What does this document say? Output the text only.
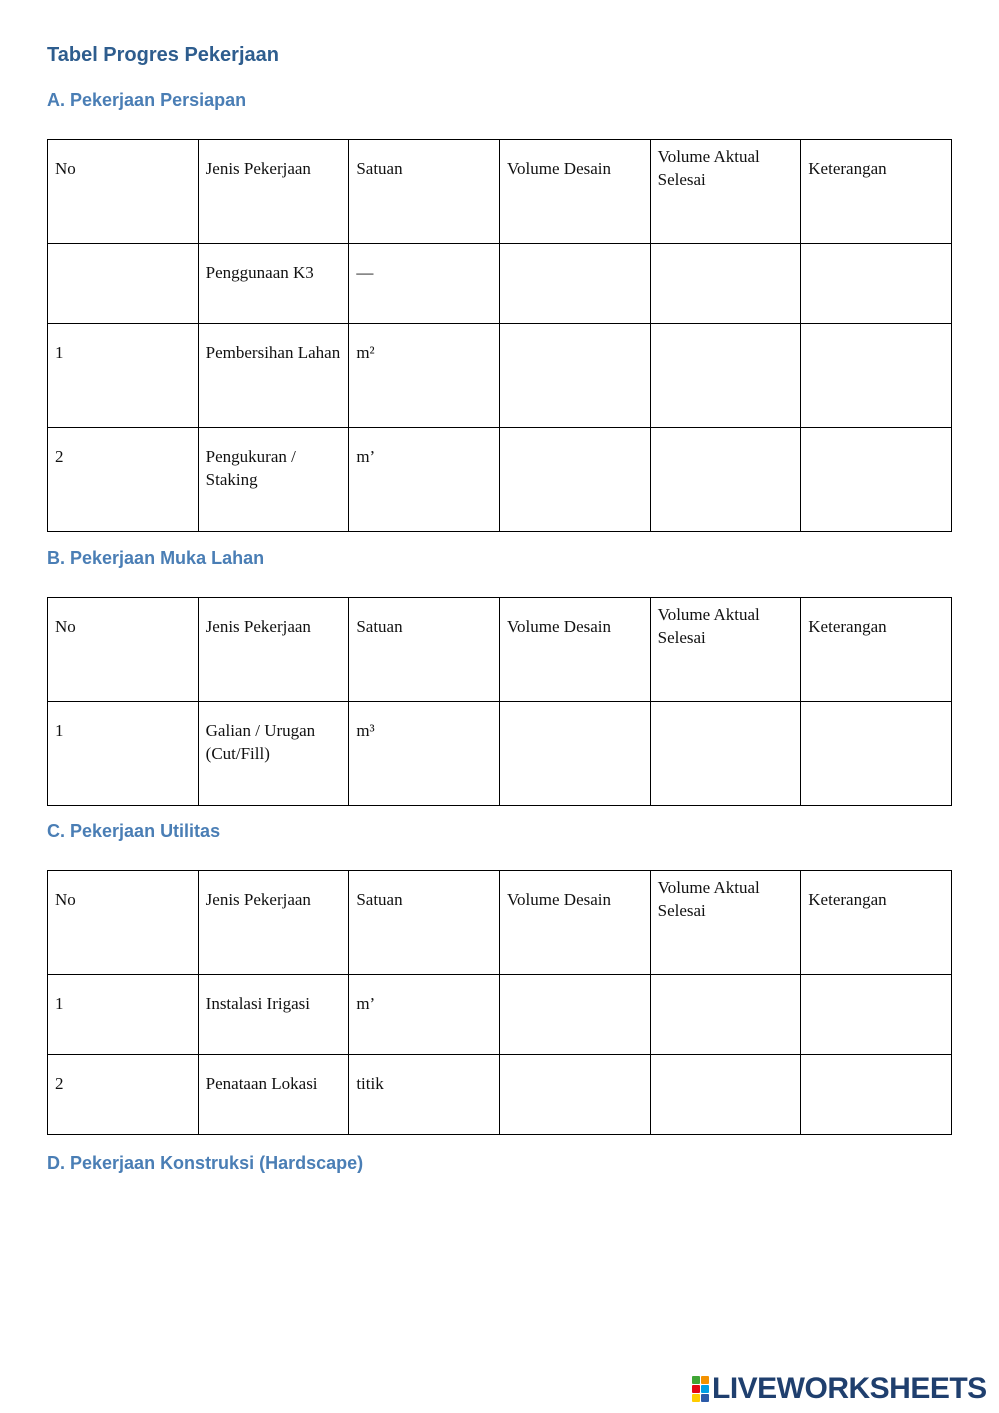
Tabel Progres Pekerjaan
A. Pekerjaan Persiapan
No	Jenis Pekerjaan	Satuan	Volume Desain	Volume Aktual Selesai	Keterangan
	Penggunaan K3	—			
1	Pembersihan Lahan	m²			
2	Pengukuran / Staking	m’			
B. Pekerjaan Muka Lahan
No	Jenis Pekerjaan	Satuan	Volume Desain	Volume Aktual Selesai	Keterangan
1	Galian / Urugan (Cut/Fill)	m³			
C. Pekerjaan Utilitas
No	Jenis Pekerjaan	Satuan	Volume Desain	Volume Aktual Selesai	Keterangan
1	Instalasi Irigasi	m’			
2	Penataan Lokasi	titik			
D. Pekerjaan Konstruksi (Hardscape)
LIVEWORKSHEETS
